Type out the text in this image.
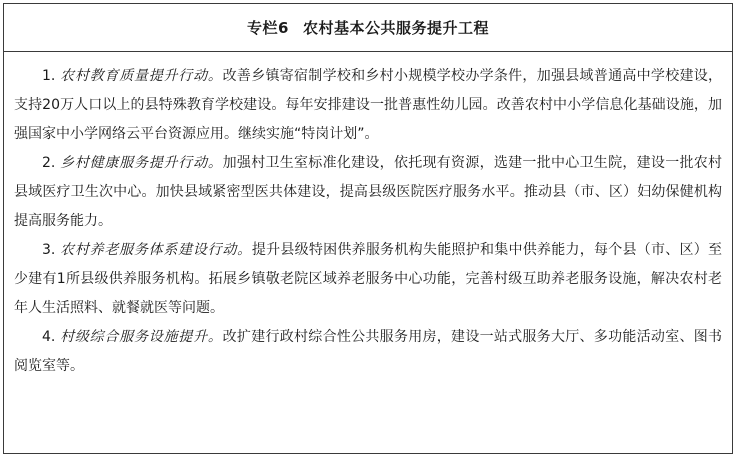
专栏6 农村基本公共服务提升工程

1. 农村教育质量提升行动。改善乡镇寄宿制学校和乡村小规模学校办学条件，加强县域普通高中学校建设，支持20万人口以上的县特殊教育学校建设。每年安排建设一批普惠性幼儿园。改善农村中小学信息化基础设施，加强国家中小学网络云平台资源应用。继续实施“特岗计划”。

2. 乡村健康服务提升行动。加强村卫生室标准化建设，依托现有资源，选建一批中心卫生院，建设一批农村县域医疗卫生次中心。加快县域紧密型医共体建设，提高县级医院医疗服务水平。推动县（市、区）妇幼保健机构提高服务能力。

3. 农村养老服务体系建设行动。提升县级特困供养服务机构失能照护和集中供养能力，每个县（市、区）至少建有1所县级供养服务机构。拓展乡镇敬老院区域养老服务中心功能，完善村级互助养老服务设施，解决农村老年人生活照料、就餐就医等问题。

4. 村级综合服务设施提升。改扩建行政村综合性公共服务用房，建设一站式服务大厅、多功能活动室、图书阅览室等。
